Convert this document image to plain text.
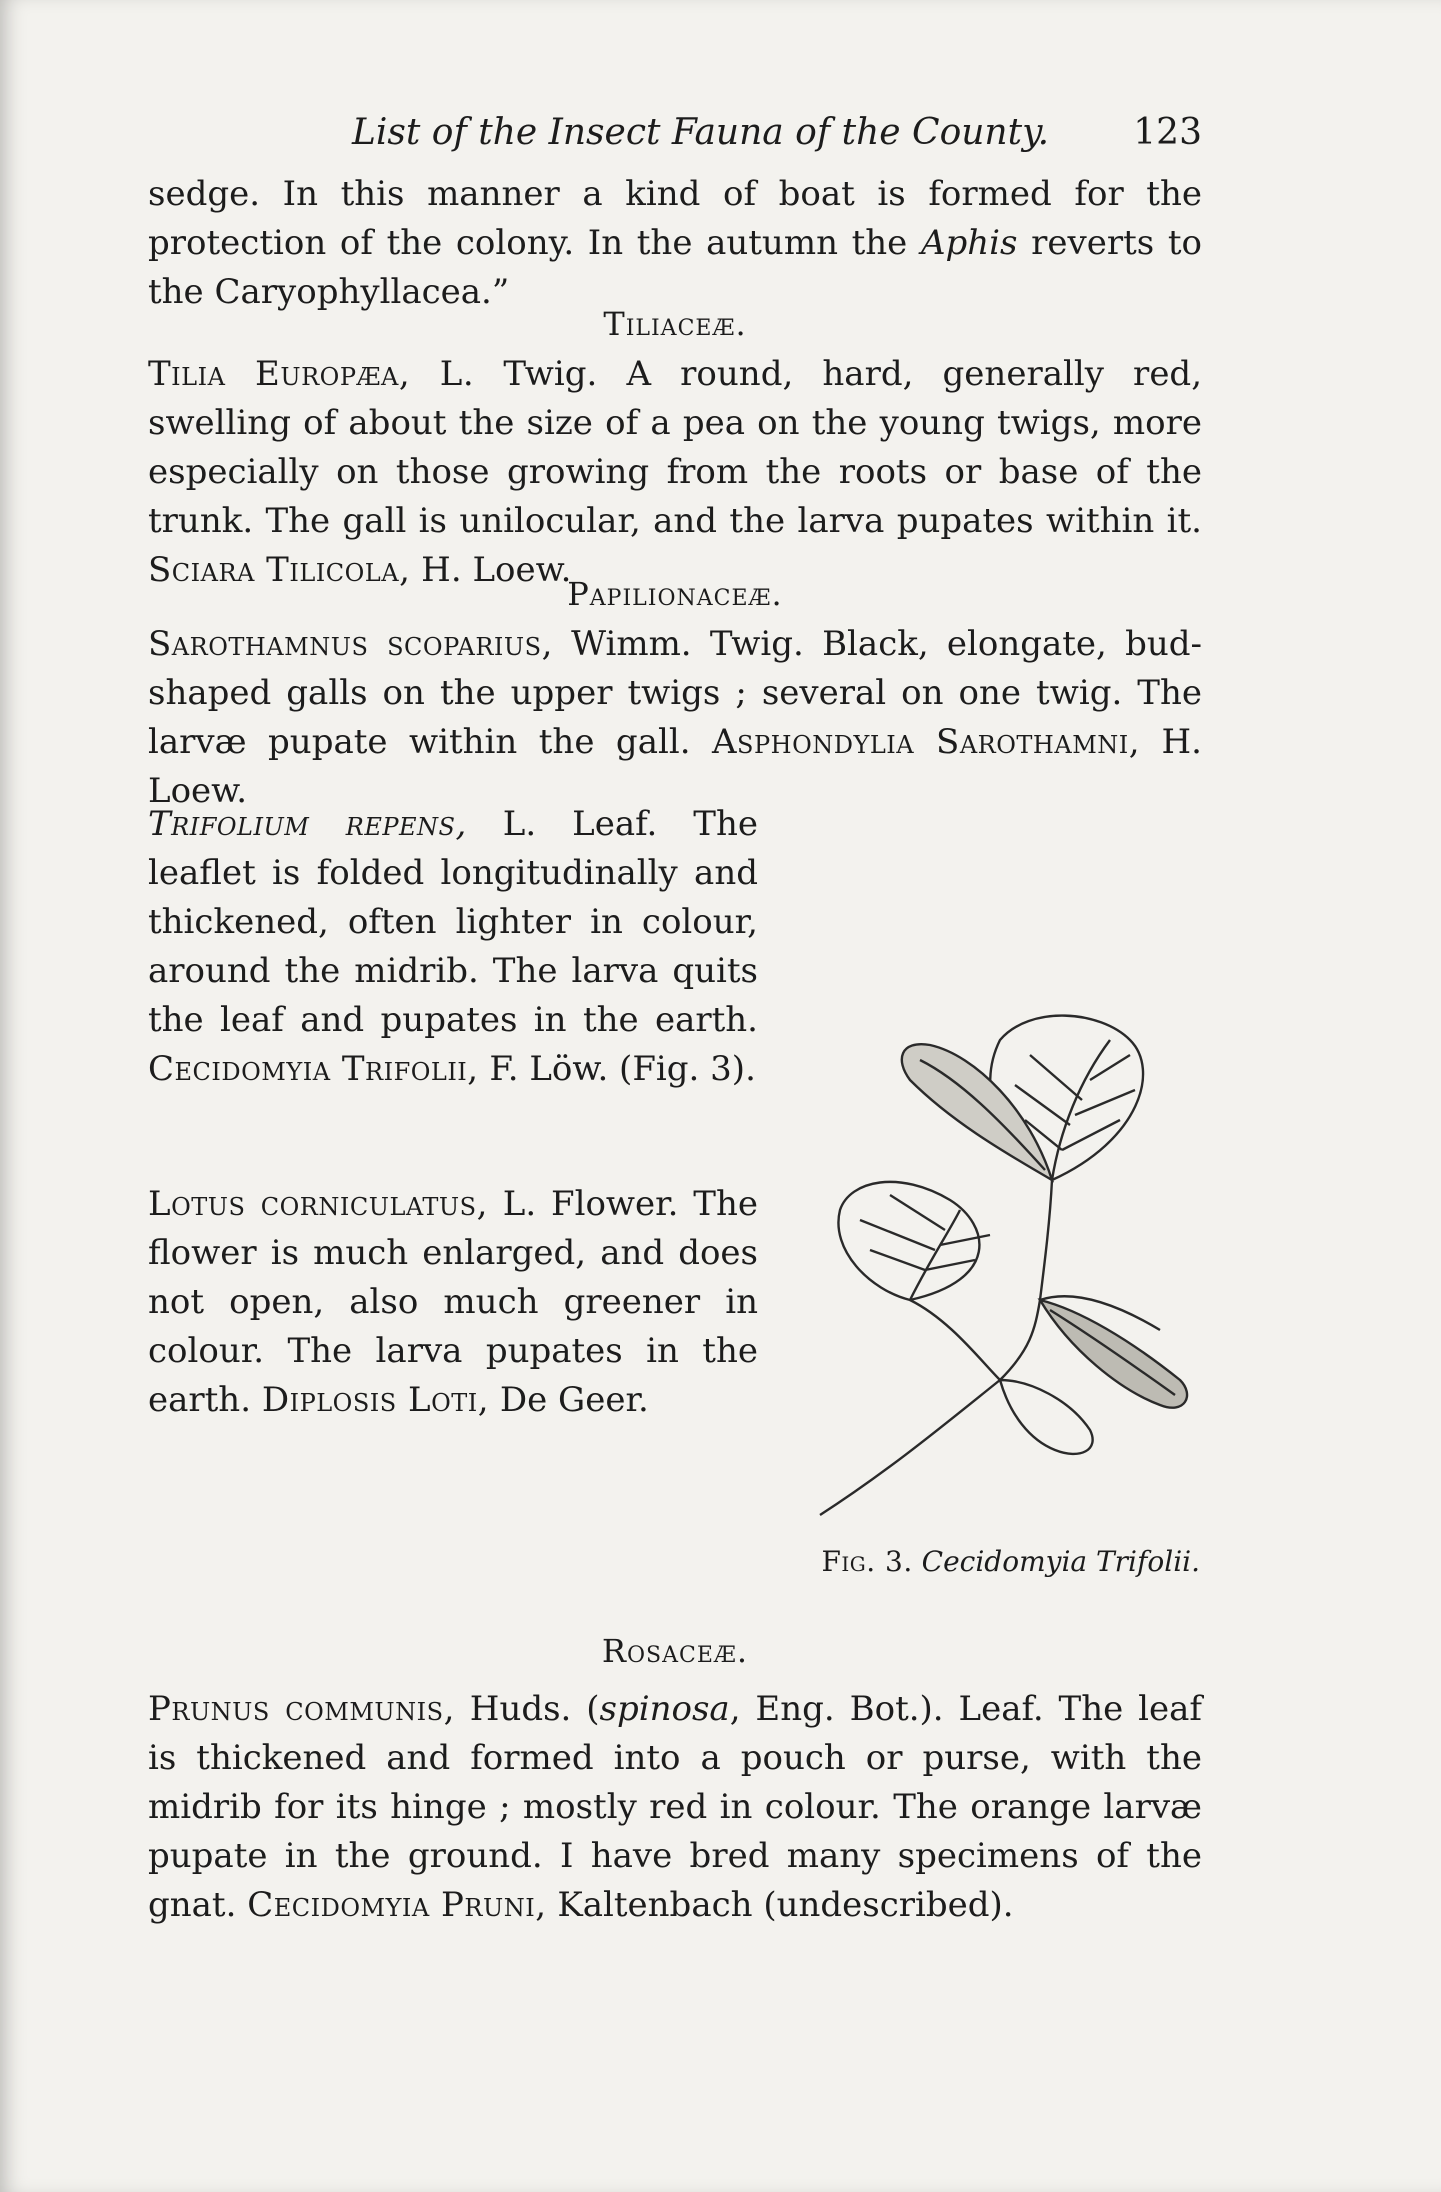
List of the Insect Fauna of the County. 123
sedge. In this manner a kind of boat is formed for the protection of the colony. In the autumn the Aphis reverts to the Caryophyllacea.”
Tiliaceæ.
Tilia Europæa, L. Twig. A round, hard, generally red, swelling of about the size of a pea on the young twigs, more especially on those growing from the roots or base of the trunk. The gall is unilocular, and the larva pupates within it. Sciara Tilicola, H. Loew.
Papilionaceæ.
Sarothamnus scoparius, Wimm. Twig. Black, elongate, bud-shaped galls on the upper twigs ; several on one twig. The larvæ pupate within the gall. Asphondylia Sarothamni, H. Loew.
Trifolium repens, L. Leaf. The leaflet is folded longitudinally and thickened, often lighter in colour, around the midrib. The larva quits the leaf and pupates in the earth. Cecidomyia Trifolii, F. Löw. (Fig. 3).
Lotus corniculatus, L. Flower. The flower is much enlarged, and does not open, also much greener in colour. The larva pupates in the earth. Diplosis Loti, De Geer.
Fig. 3. Cecidomyia Trifolii.
Rosaceæ.
Prunus communis, Huds. (spinosa, Eng. Bot.). Leaf. The leaf is thickened and formed into a pouch or purse, with the midrib for its hinge ; mostly red in colour. The orange larvæ pupate in the ground. I have bred many specimens of the gnat. Cecidomyia Pruni, Kaltenbach (undescribed).
